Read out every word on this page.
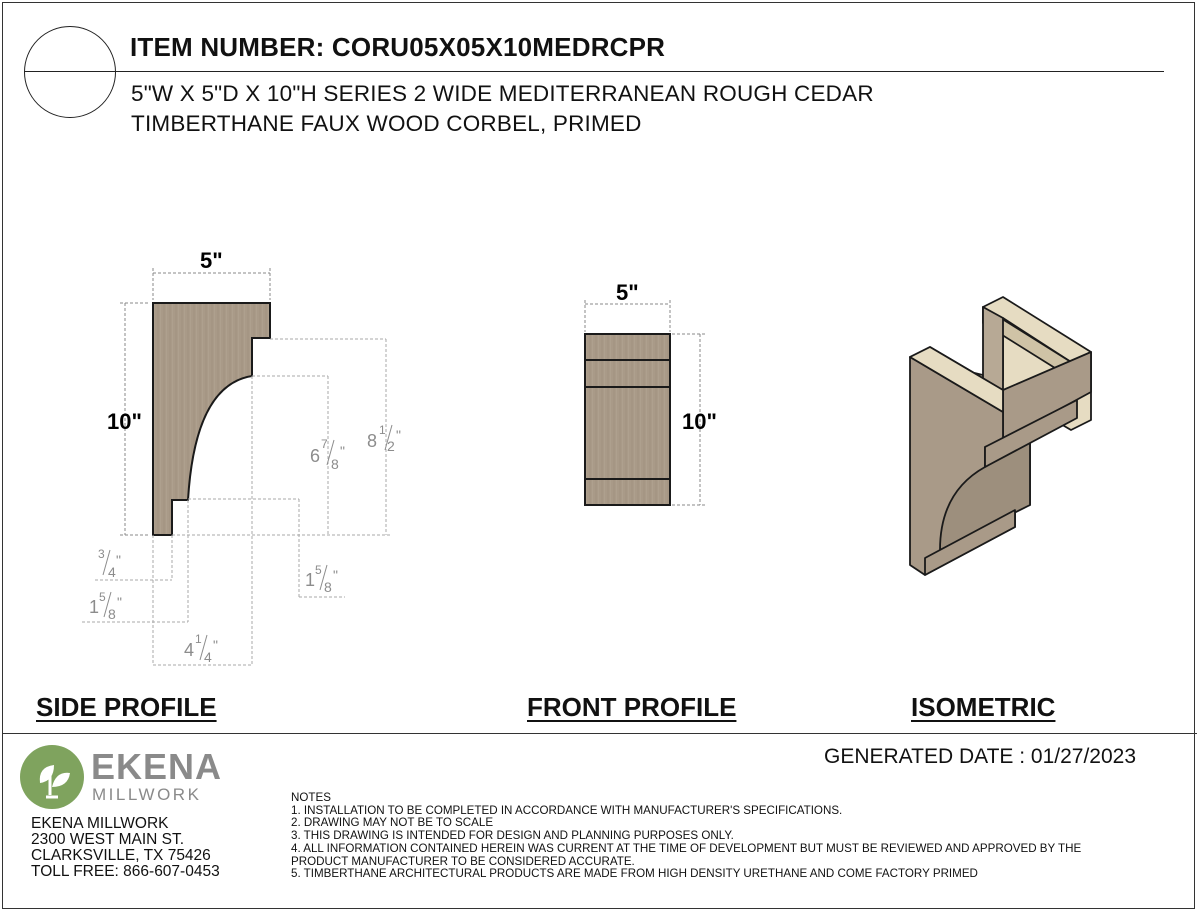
ITEM NUMBER: CORU05X05X10MEDRCPR
5"W X 5"D X 10"H SERIES 2 WIDE MEDITERRANEAN ROUGH CEDAR
TIMBERTHANE FAUX WOOD CORBEL, PRIMED
5"
10"
8
1
2
"
6
7
8
"
1 5
8
"
3
4
"
1 5
8
"
4
1
4
"
5"
10"
SIDE PROFILE	FRONT PROFILE	ISOMETRIC
GENERATED DATE : 01/27/2023
EKENA
MILLWORK
EKENA MILLWORK
2300 WEST MAIN ST.
CLARKSVILLE, TX 75426
TOLL FREE: 866-607-0453
NOTES
1. INSTALLATION TO BE COMPLETED IN ACCORDANCE WITH MANUFACTURER'S SPECIFICATIONS.
2. DRAWING MAY NOT BE TO SCALE
3. THIS DRAWING IS INTENDED FOR DESIGN AND PLANNING PURPOSES ONLY.
4. ALL INFORMATION CONTAINED HEREIN WAS CURRENT AT THE TIME OF DEVELOPMENT BUT MUST BE REVIEWED AND APPROVED BY THE
PRODUCT MANUFACTURER TO BE CONSIDERED ACCURATE.
5. TIMBERTHANE ARCHITECTURAL PRODUCTS ARE MADE FROM HIGH DENSITY URETHANE AND COME FACTORY PRIMED
